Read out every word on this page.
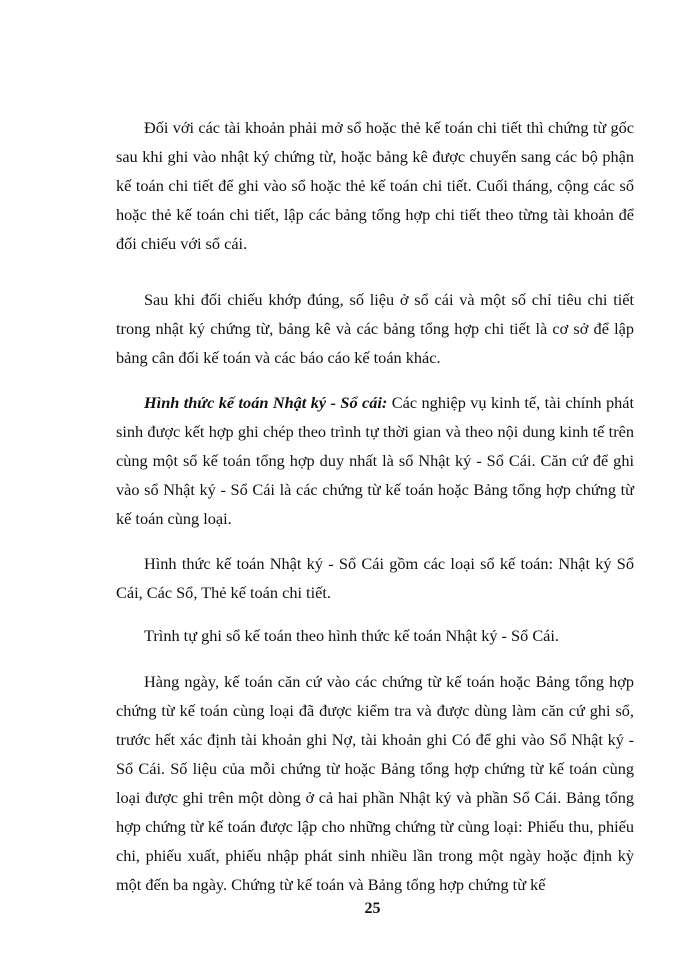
Đối với các tài khoản phải mở sổ hoặc thẻ kế toán chi tiết thì chứng từ gốc sau khi ghi vào nhật ký chứng từ, hoặc bảng kê được chuyển sang các bộ phận kế toán chi tiết để ghi vào sổ hoặc thẻ kế toán chi tiết. Cuối tháng, cộng các sổ hoặc thẻ kế toán chi tiết, lập các bảng tổng hợp chi tiết theo từng tài khoản để đối chiếu với sổ cái.

Sau khi đối chiếu khớp đúng, số liệu ở sổ cái và một số chỉ tiêu chi tiết trong nhật ký chứng từ, bảng kê và các bảng tổng hợp chi tiết là cơ sở để lập bảng cân đối kế toán và các báo cáo kế toán khác.

Hình thức kế toán Nhật ký - Sổ cái: Các nghiệp vụ kinh tế, tài chính phát sinh được kết hợp ghi chép theo trình tự thời gian và theo nội dung kinh tế trên cùng một sổ kế toán tổng hợp duy nhất là sổ Nhật ký - Sổ Cái. Căn cứ để ghi vào sổ Nhật ký - Sổ Cái là các chứng từ kế toán hoặc Bảng tổng hợp chứng từ kế toán cùng loại.

Hình thức kế toán Nhật ký - Sổ Cái gồm các loại sổ kế toán: Nhật ký Sổ Cái, Các Sổ, Thẻ kế toán chi tiết.

Trình tự ghi sổ kế toán theo hình thức kế toán Nhật ký - Sổ Cái.

Hàng ngày, kế toán căn cứ vào các chứng từ kế toán hoặc Bảng tổng hợp chứng từ kế toán cùng loại đã được kiểm tra và được dùng làm căn cứ ghi sổ, trước hết xác định tài khoản ghi Nợ, tài khoản ghi Có để ghi vào Sổ Nhật ký - Sổ Cái. Số liệu của mỗi chứng từ hoặc Bảng tổng hợp chứng từ kế toán cùng loại được ghi trên một dòng ở cả hai phần Nhật ký và phần Sổ Cái. Bảng tổng hợp chứng từ kế toán được lập cho những chứng từ cùng loại: Phiếu thu, phiếu chi, phiếu xuất, phiếu nhập phát sinh nhiều lần trong một ngày hoặc định kỳ một đến ba ngày. Chứng từ kế toán và Bảng tổng hợp chứng từ kế

25
